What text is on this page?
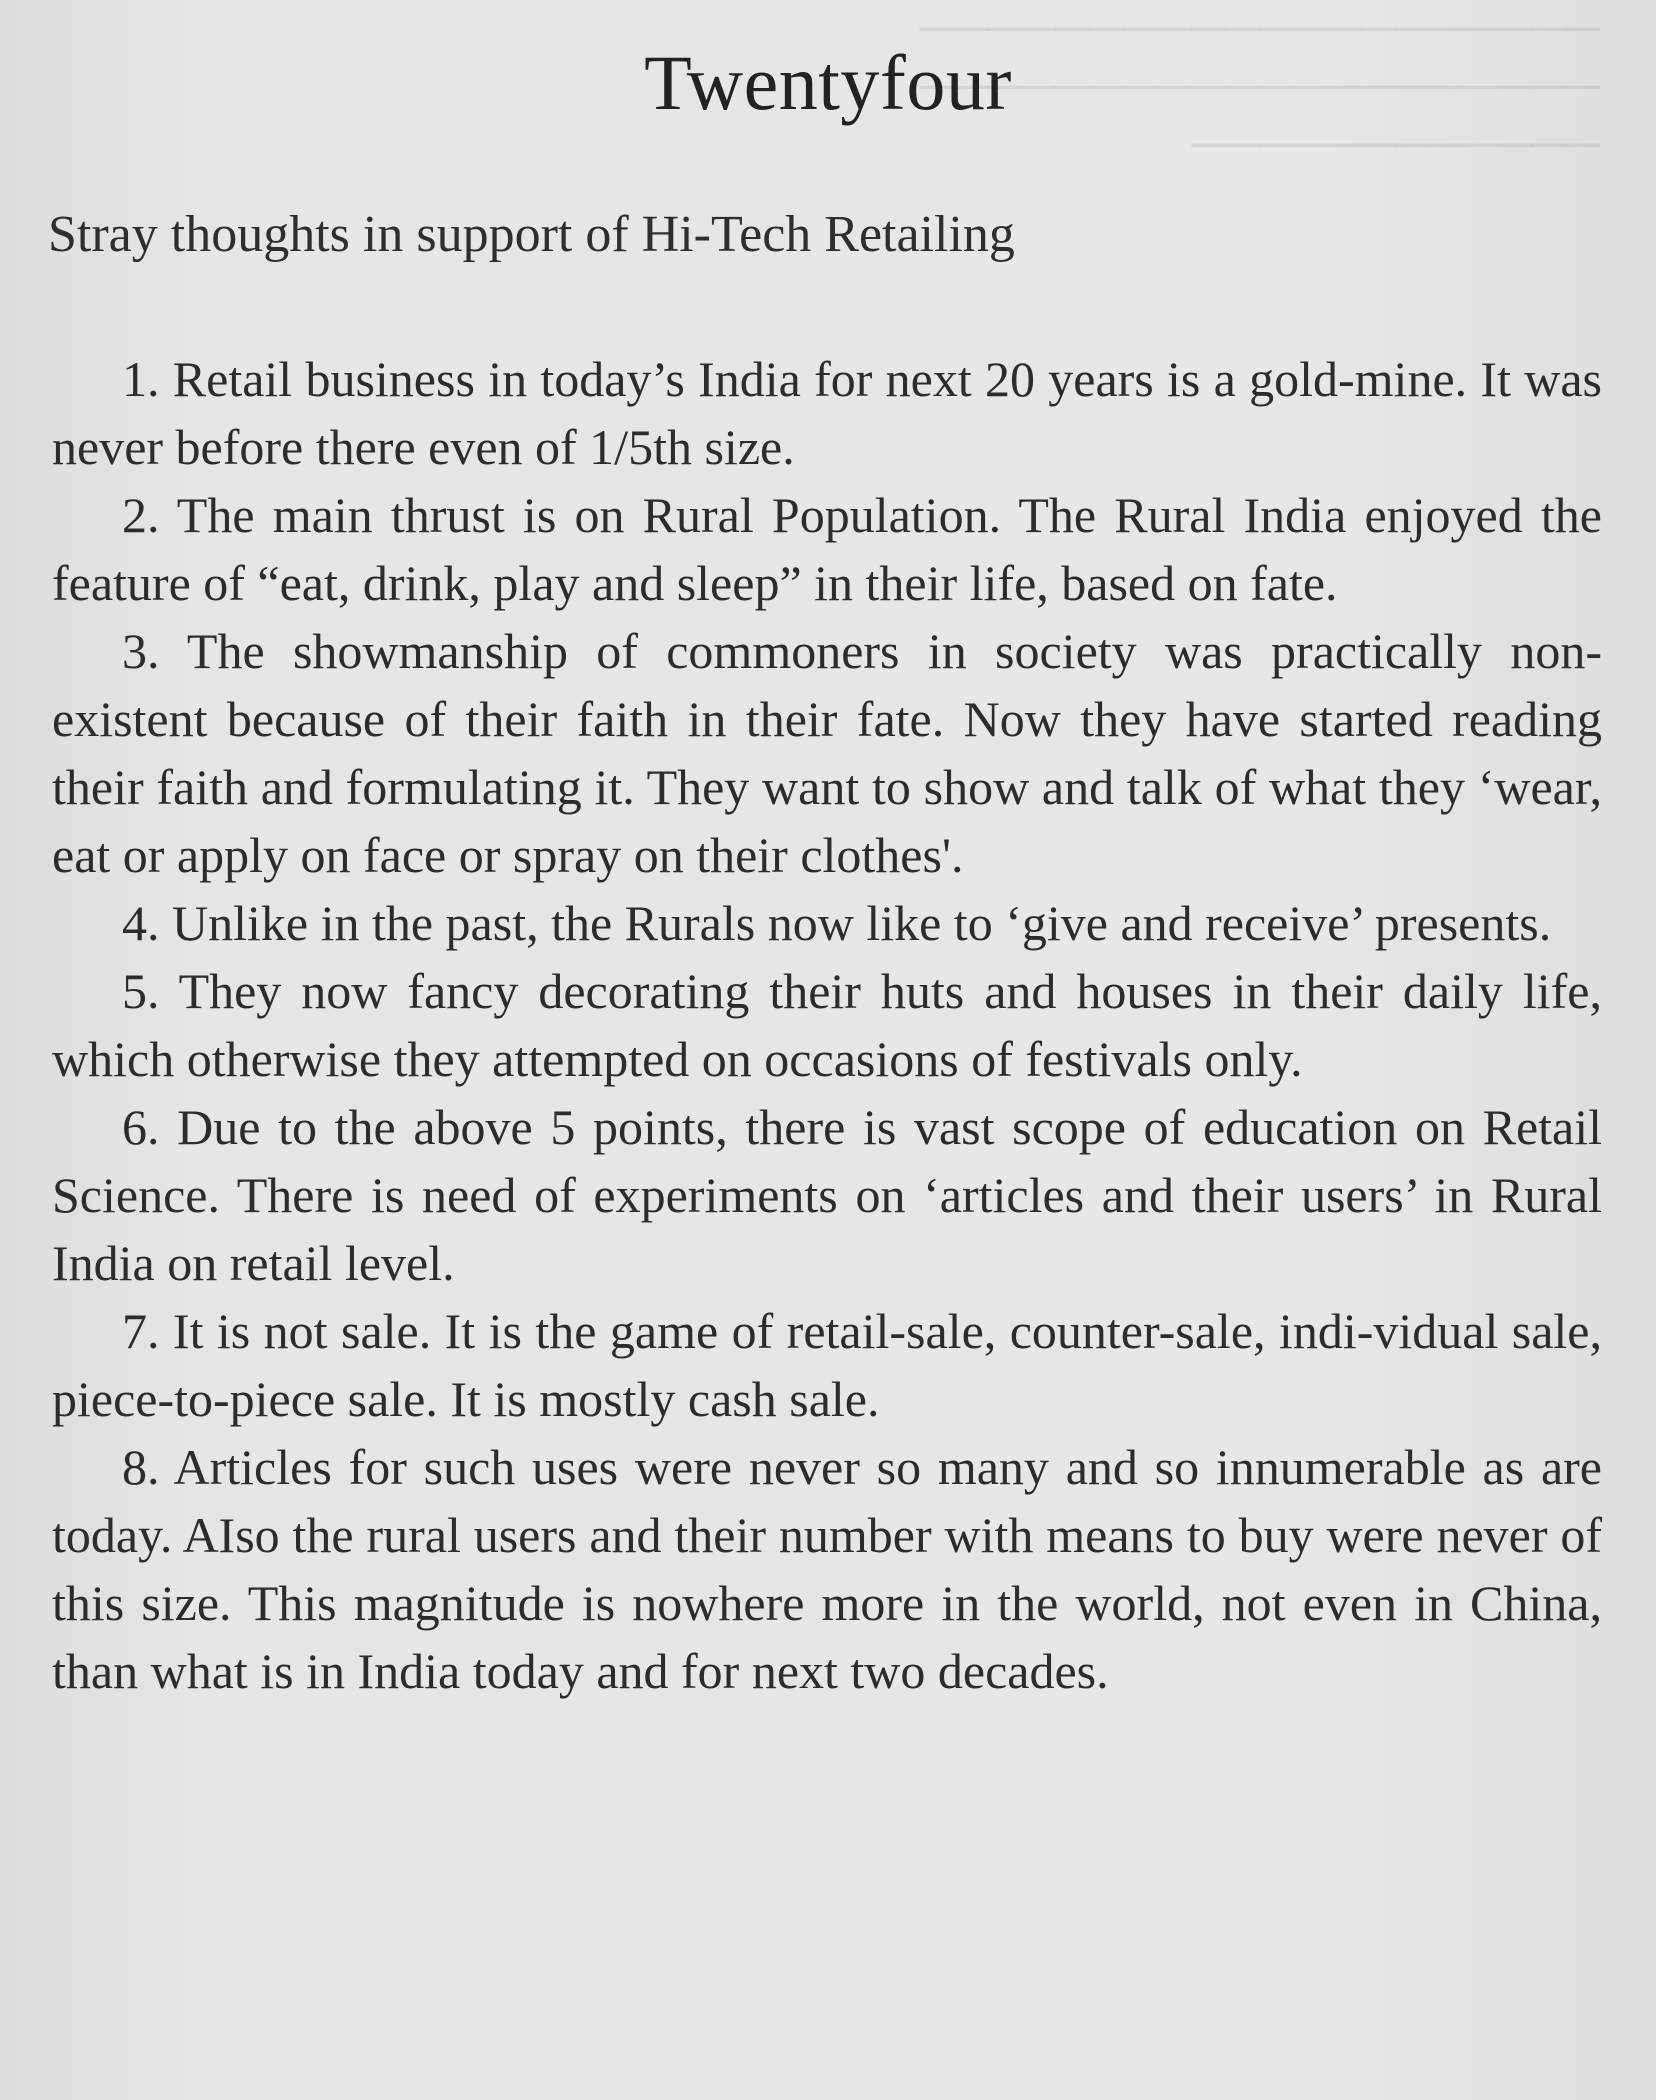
────────────────────
────────────────────
────────────
Twentyfour
Stray thoughts in support of Hi-Tech Retailing

1. Retail business in today’s India for next 20 years is a gold-mine. It was never before there even of 1/5th size.

2. The main thrust is on Rural Population. The Rural India enjoyed the feature of “eat, drink, play and sleep” in their life, based on fate.

3. The showmanship of commoners in society was practically non-existent because of their faith in their fate. Now they have started reading their faith and formulating it. They want to show and talk of what they ‘wear, eat or apply on face or spray on their clothes'.

4. Unlike in the past, the Rurals now like to ‘give and receive’ presents.

5. They now fancy decorating their huts and houses in their daily life, which otherwise they attempted on occasions of festivals only.

6. Due to the above 5 points, there is vast scope of education on Retail Science. There is need of experiments on ‘articles and their users’ in Rural India on retail level.

7. It is not sale. It is the game of retail-sale, counter-sale, indi-vidual sale, piece-to-piece sale. It is mostly cash sale.

8. Articles for such uses were never so many and so innumerable as are today. AIso the rural users and their number with means to buy were never of this size. This magnitude is nowhere more in the world, not even in China, than what is in India today and for next two decades.
